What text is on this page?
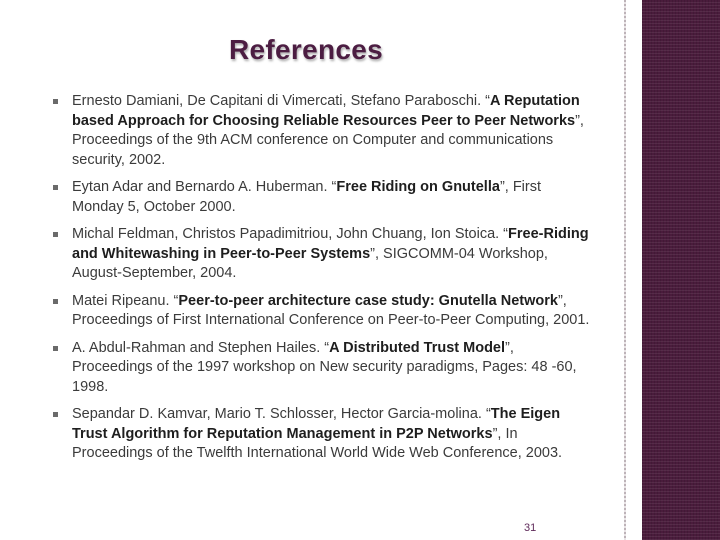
References
Ernesto Damiani, De Capitani di Vimercati, Stefano Paraboschi. “A Reputation based Approach for Choosing Reliable Resources Peer to Peer Networks”, Proceedings of the 9th ACM conference on Computer and communications security, 2002.
Eytan Adar and Bernardo A. Huberman. “Free Riding on Gnutella”, First Monday 5, October 2000.
Michal Feldman, Christos Papadimitriou, John Chuang, Ion Stoica. “Free-Riding and Whitewashing in Peer-to-Peer Systems”, SIGCOMM-04 Workshop, August-September, 2004.
Matei Ripeanu. “Peer-to-peer architecture case study: Gnutella Network”, Proceedings of First International Conference on Peer-to-Peer Computing, 2001.
A. Abdul-Rahman and Stephen Hailes. “A Distributed Trust Model”, Proceedings of the 1997 workshop on New security paradigms, Pages: 48 -60, 1998.
Sepandar D. Kamvar, Mario T. Schlosser, Hector Garcia-molina. “The Eigen Trust Algorithm for Reputation Management in P2P Networks”, In Proceedings of the Twelfth International World Wide Web Conference, 2003.
31
